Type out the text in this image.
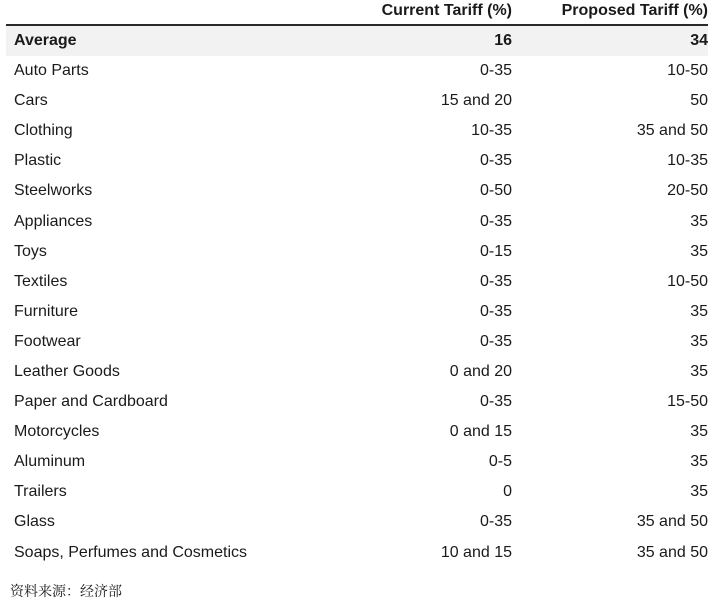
Current Tariff (%)	Proposed Tariff (%)
Average	16	34
Auto Parts	0-35	10-50
Cars	15 and 20	50
Clothing	10-35	35 and 50
Plastic	0-35	10-35
Steelworks	0-50	20-50
Appliances	0-35	35
Toys	0-15	35
Textiles	0-35	10-50
Furniture	0-35	35
Footwear	0-35	35
Leather Goods	0 and 20	35
Paper and Cardboard	0-35	15-50
Motorcycles	0 and 15	35
Aluminum	0-5	35
Trailers	0	35
Glass	0-35	35 and 50
Soaps, Perfumes and Cosmetics	10 and 15	35 and 50
资料来源：经济部
